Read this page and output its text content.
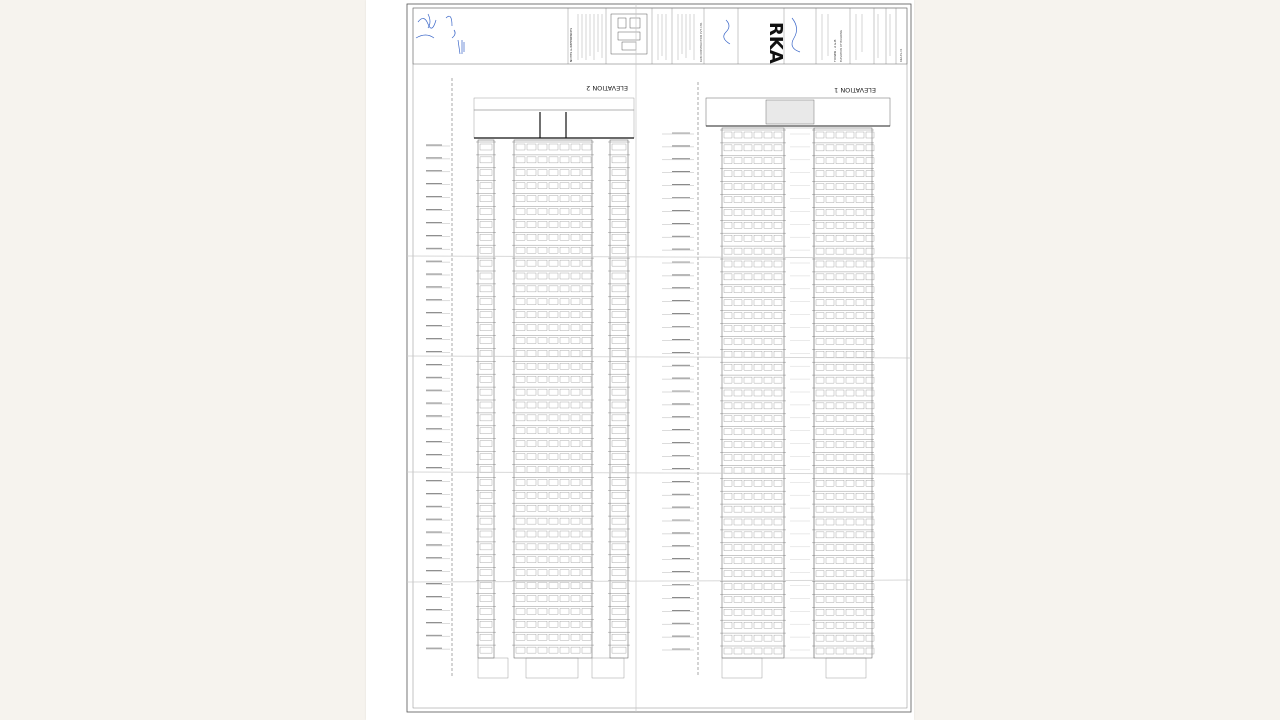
NOTES & REFERENCES	RUN CONSTRUCTION PVT. LTD.	RKA	TOWER - A & B	ELEVATION OF BUILDING	RKA-EL-01
ELEVATION 2	ELEVATION 1
